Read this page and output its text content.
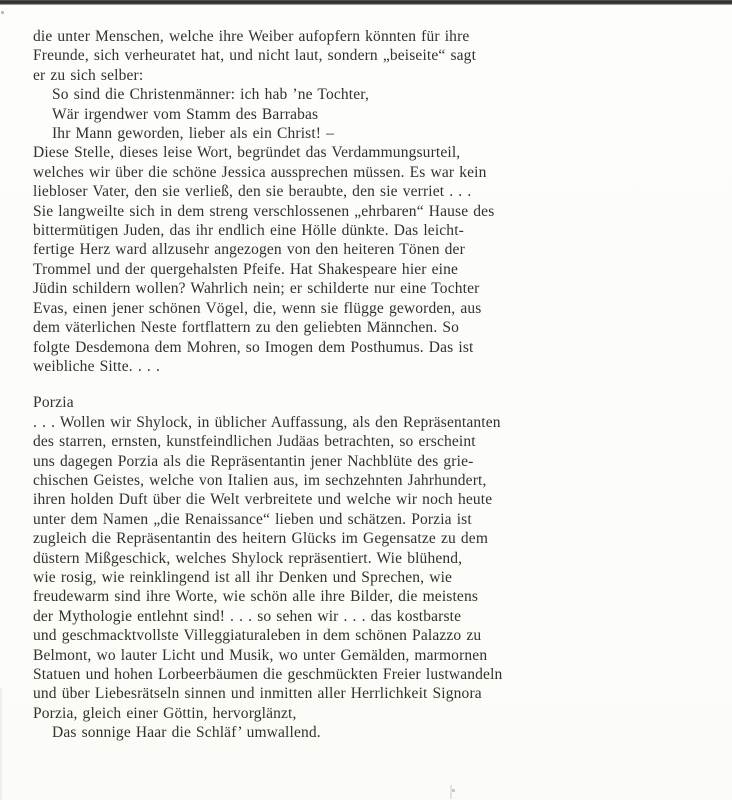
die unter Menschen, welche ihre Weiber aufopfern könnten für ihre
Freunde, sich verheuratet hat, und nicht laut, sondern „beiseite“ sagt
er zu sich selber:
So sind die Christenmänner: ich hab ’ne Tochter,
Wär irgendwer vom Stamm des Barrabas
Ihr Mann geworden, lieber als ein Christ! –
Diese Stelle, dieses leise Wort, begründet das Verdammungsurteil,
welches wir über die schöne Jessica aussprechen müssen. Es war kein
liebloser Vater, den sie verließ, den sie beraubte, den sie verriet . . .
Sie langweilte sich in dem streng verschlossenen „ehrbaren“ Hause des
bittermütigen Juden, das ihr endlich eine Hölle dünkte. Das leicht-
fertige Herz ward allzusehr angezogen von den heiteren Tönen der
Trommel und der quergehalsten Pfeife. Hat Shakespeare hier eine
Jüdin schildern wollen? Wahrlich nein; er schilderte nur eine Tochter
Evas, einen jener schönen Vögel, die, wenn sie flügge geworden, aus
dem väterlichen Neste fortflattern zu den geliebten Männchen. So
folgte Desdemona dem Mohren, so Imogen dem Posthumus. Das ist
weibliche Sitte. . . .
Porzia
. . . Wollen wir Shylock, in üblicher Auffassung, als den Repräsentanten
des starren, ernsten, kunstfeindlichen Judäas betrachten, so erscheint
uns dagegen Porzia als die Repräsentantin jener Nachblüte des grie-
chischen Geistes, welche von Italien aus, im sechzehnten Jahrhundert,
ihren holden Duft über die Welt verbreitete und welche wir noch heute
unter dem Namen „die Renaissance“ lieben und schätzen. Porzia ist
zugleich die Repräsentantin des heitern Glücks im Gegensatze zu dem
düstern Mißgeschick, welches Shylock repräsentiert. Wie blühend,
wie rosig, wie reinklingend ist all ihr Denken und Sprechen, wie
freudewarm sind ihre Worte, wie schön alle ihre Bilder, die meistens
der Mythologie entlehnt sind! . . . so sehen wir . . . das kostbarste
und geschmacktvollste Villeggiaturaleben in dem schönen Palazzo zu
Belmont, wo lauter Licht und Musik, wo unter Gemälden, marmornen
Statuen und hohen Lorbeerbäumen die geschmückten Freier lustwandeln
und über Liebesrätseln sinnen und inmitten aller Herrlichkeit Signora
Porzia, gleich einer Göttin, hervorglänzt,
Das sonnige Haar die Schläf’ umwallend.
